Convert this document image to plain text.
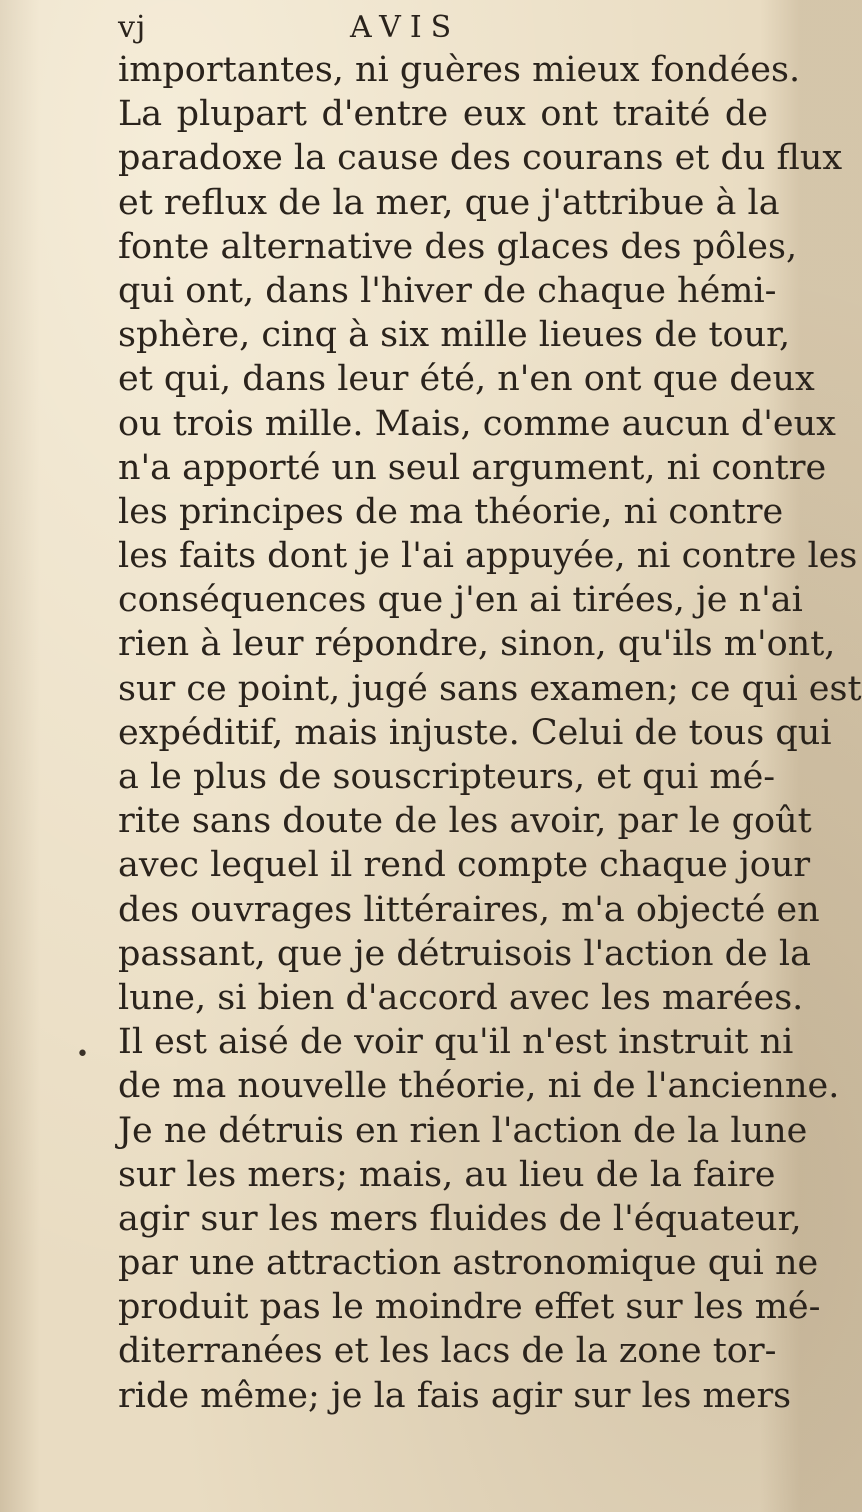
vj	AVIS
•
importantes, ni guères mieux fondées.
La plupart d'entre eux ont traité de
paradoxe la cause des courans et du flux
et reflux de la mer, que j'attribue à la
fonte alternative des glaces des pôles,
qui ont, dans l'hiver de chaque hémi-
sphère, cinq à six mille lieues de tour,
et qui, dans leur été, n'en ont que deux
ou trois mille. Mais, comme aucun d'eux
n'a apporté un seul argument, ni contre
les principes de ma théorie, ni contre
les faits dont je l'ai appuyée, ni contre les
conséquences que j'en ai tirées, je n'ai
rien à leur répondre, sinon, qu'ils m'ont,
sur ce point, jugé sans examen; ce qui est
expéditif, mais injuste. Celui de tous qui
a le plus de souscripteurs, et qui mé-
rite sans doute de les avoir, par le goût
avec lequel il rend compte chaque jour
des ouvrages littéraires, m'a objecté en
passant, que je détruisois l'action de la
lune, si bien d'accord avec les marées.
Il est aisé de voir qu'il n'est instruit ni
de ma nouvelle théorie, ni de l'ancienne.
Je ne détruis en rien l'action de la lune
sur les mers; mais, au lieu de la faire
agir sur les mers fluides de l'équateur,
par une attraction astronomique qui ne
produit pas le moindre effet sur les mé-
diterranées et les lacs de la zone tor-
ride même; je la fais agir sur les mers
